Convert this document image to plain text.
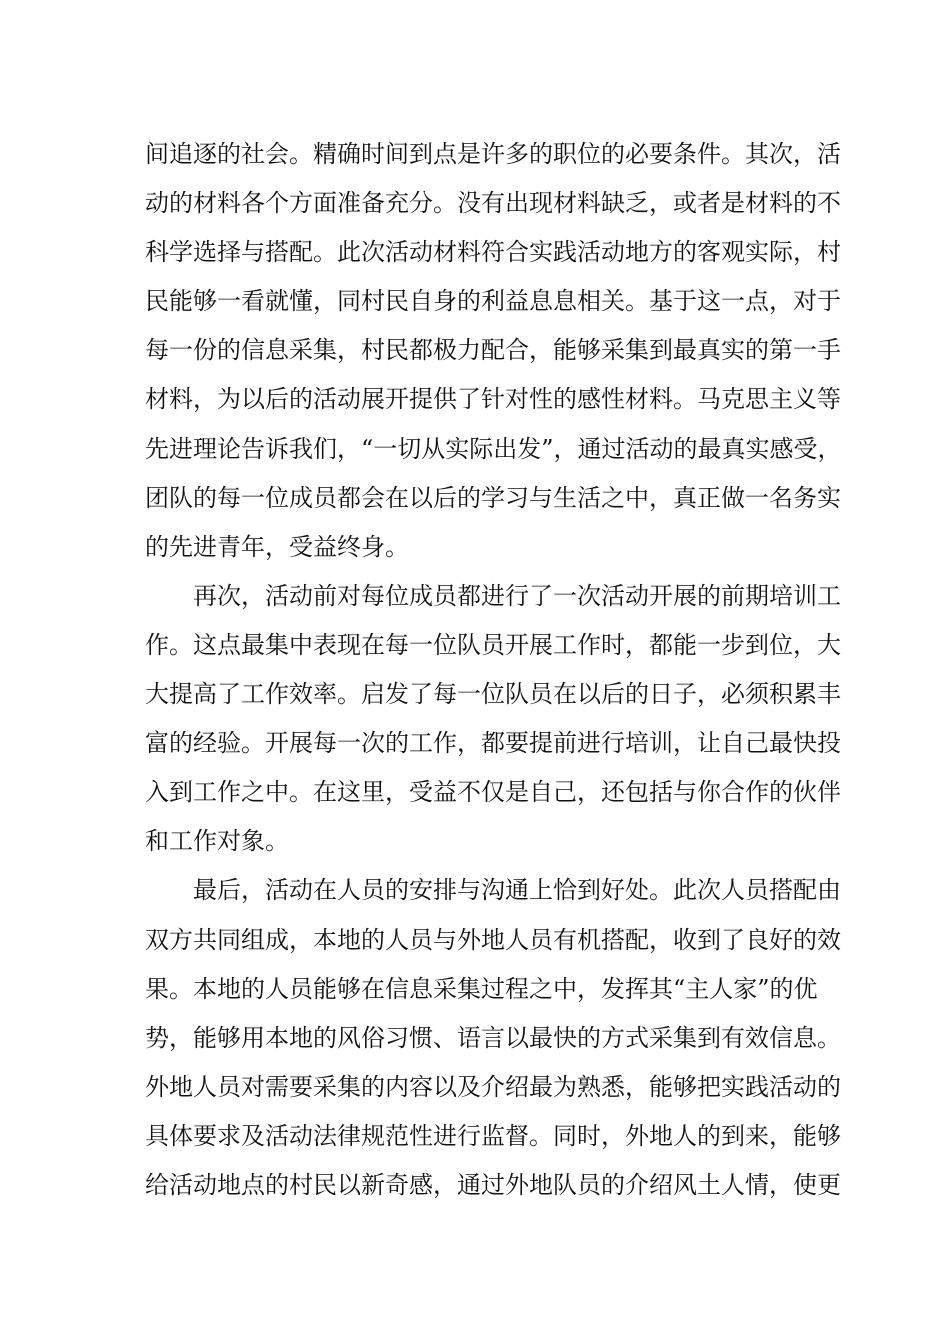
间追逐的社会。精确时间到点是许多的职位的必要条件。其次，活
动的材料各个方面准备充分。没有出现材料缺乏，或者是材料的不
科学选择与搭配。此次活动材料符合实践活动地方的客观实际，村
民能够一看就懂，同村民自身的利益息息相关。基于这一点，对于
每一份的信息采集，村民都极力配合，能够采集到最真实的第一手
材料，为以后的活动展开提供了针对性的感性材料。马克思主义等
先进理论告诉我们，“一切从实际出发”，通过活动的最真实感受，
团队的每一位成员都会在以后的学习与生活之中，真正做一名务实
的先进青年，受益终身。
再次，活动前对每位成员都进行了一次活动开展的前期培训工
作。这点最集中表现在每一位队员开展工作时，都能一步到位，大
大提高了工作效率。启发了每一位队员在以后的日子，必须积累丰
富的经验。开展每一次的工作，都要提前进行培训，让自己最快投
入到工作之中。在这里，受益不仅是自己，还包括与你合作的伙伴
和工作对象。
最后，活动在人员的安排与沟通上恰到好处。此次人员搭配由
双方共同组成，本地的人员与外地人员有机搭配，收到了良好的效
果。本地的人员能够在信息采集过程之中，发挥其“主人家”的优
势，能够用本地的风俗习惯、语言以最快的方式采集到有效信息。
外地人员对需要采集的内容以及介绍最为熟悉，能够把实践活动的
具体要求及活动法律规范性进行监督。同时，外地人的到来，能够
给活动地点的村民以新奇感，通过外地队员的介绍风土人情，使更
